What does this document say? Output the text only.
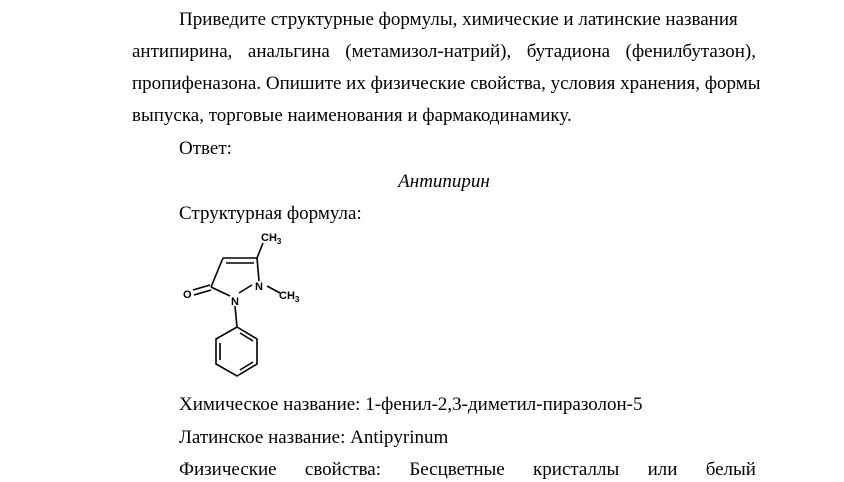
Приведите структурные формулы, химические и латинские названия
антипирина, анальгина (метамизол-натрий), бутадиона (фенилбутазон),
пропифеназона. Опишите их физические свойства, условия хранения, формы
выпуска, торговые наименования и фармакодинамику.
Ответ:
Антипирин
Структурная формула:
$CH_3$
N
$CH_3$
O
N
Химическое название: 1-фенил-2,3-диметил-пиразолон-5
Латинское название: Antipyrinum
Физические свойства: Бесцветные кристаллы или белый
